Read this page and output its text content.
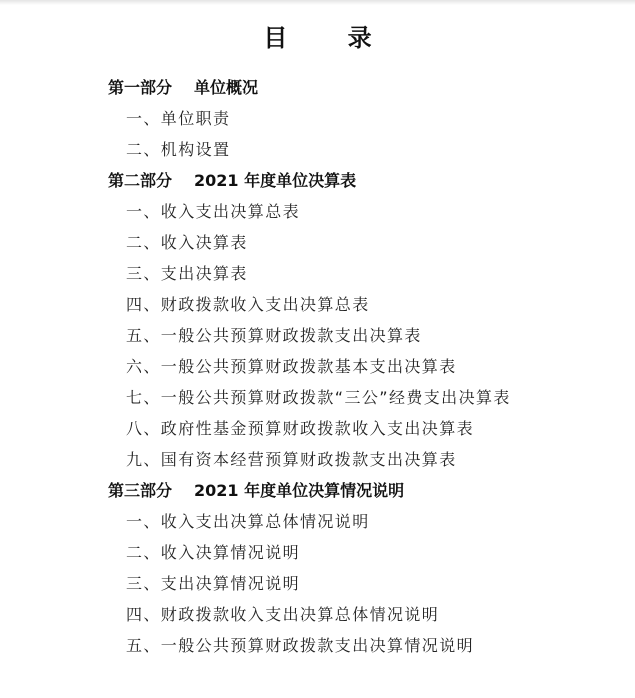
目 录
第一部分 单位概况
一、单位职责
二、机构设置
第二部分 2021 年度单位决算表
一、收入支出决算总表
二、收入决算表
三、支出决算表
四、财政拨款收入支出决算总表
五、一般公共预算财政拨款支出决算表
六、一般公共预算财政拨款基本支出决算表
七、一般公共预算财政拨款“三公”经费支出决算表
八、政府性基金预算财政拨款收入支出决算表
九、国有资本经营预算财政拨款支出决算表
第三部分 2021 年度单位决算情况说明
一、收入支出决算总体情况说明
二、收入决算情况说明
三、支出决算情况说明
四、财政拨款收入支出决算总体情况说明
五、一般公共预算财政拨款支出决算情况说明
